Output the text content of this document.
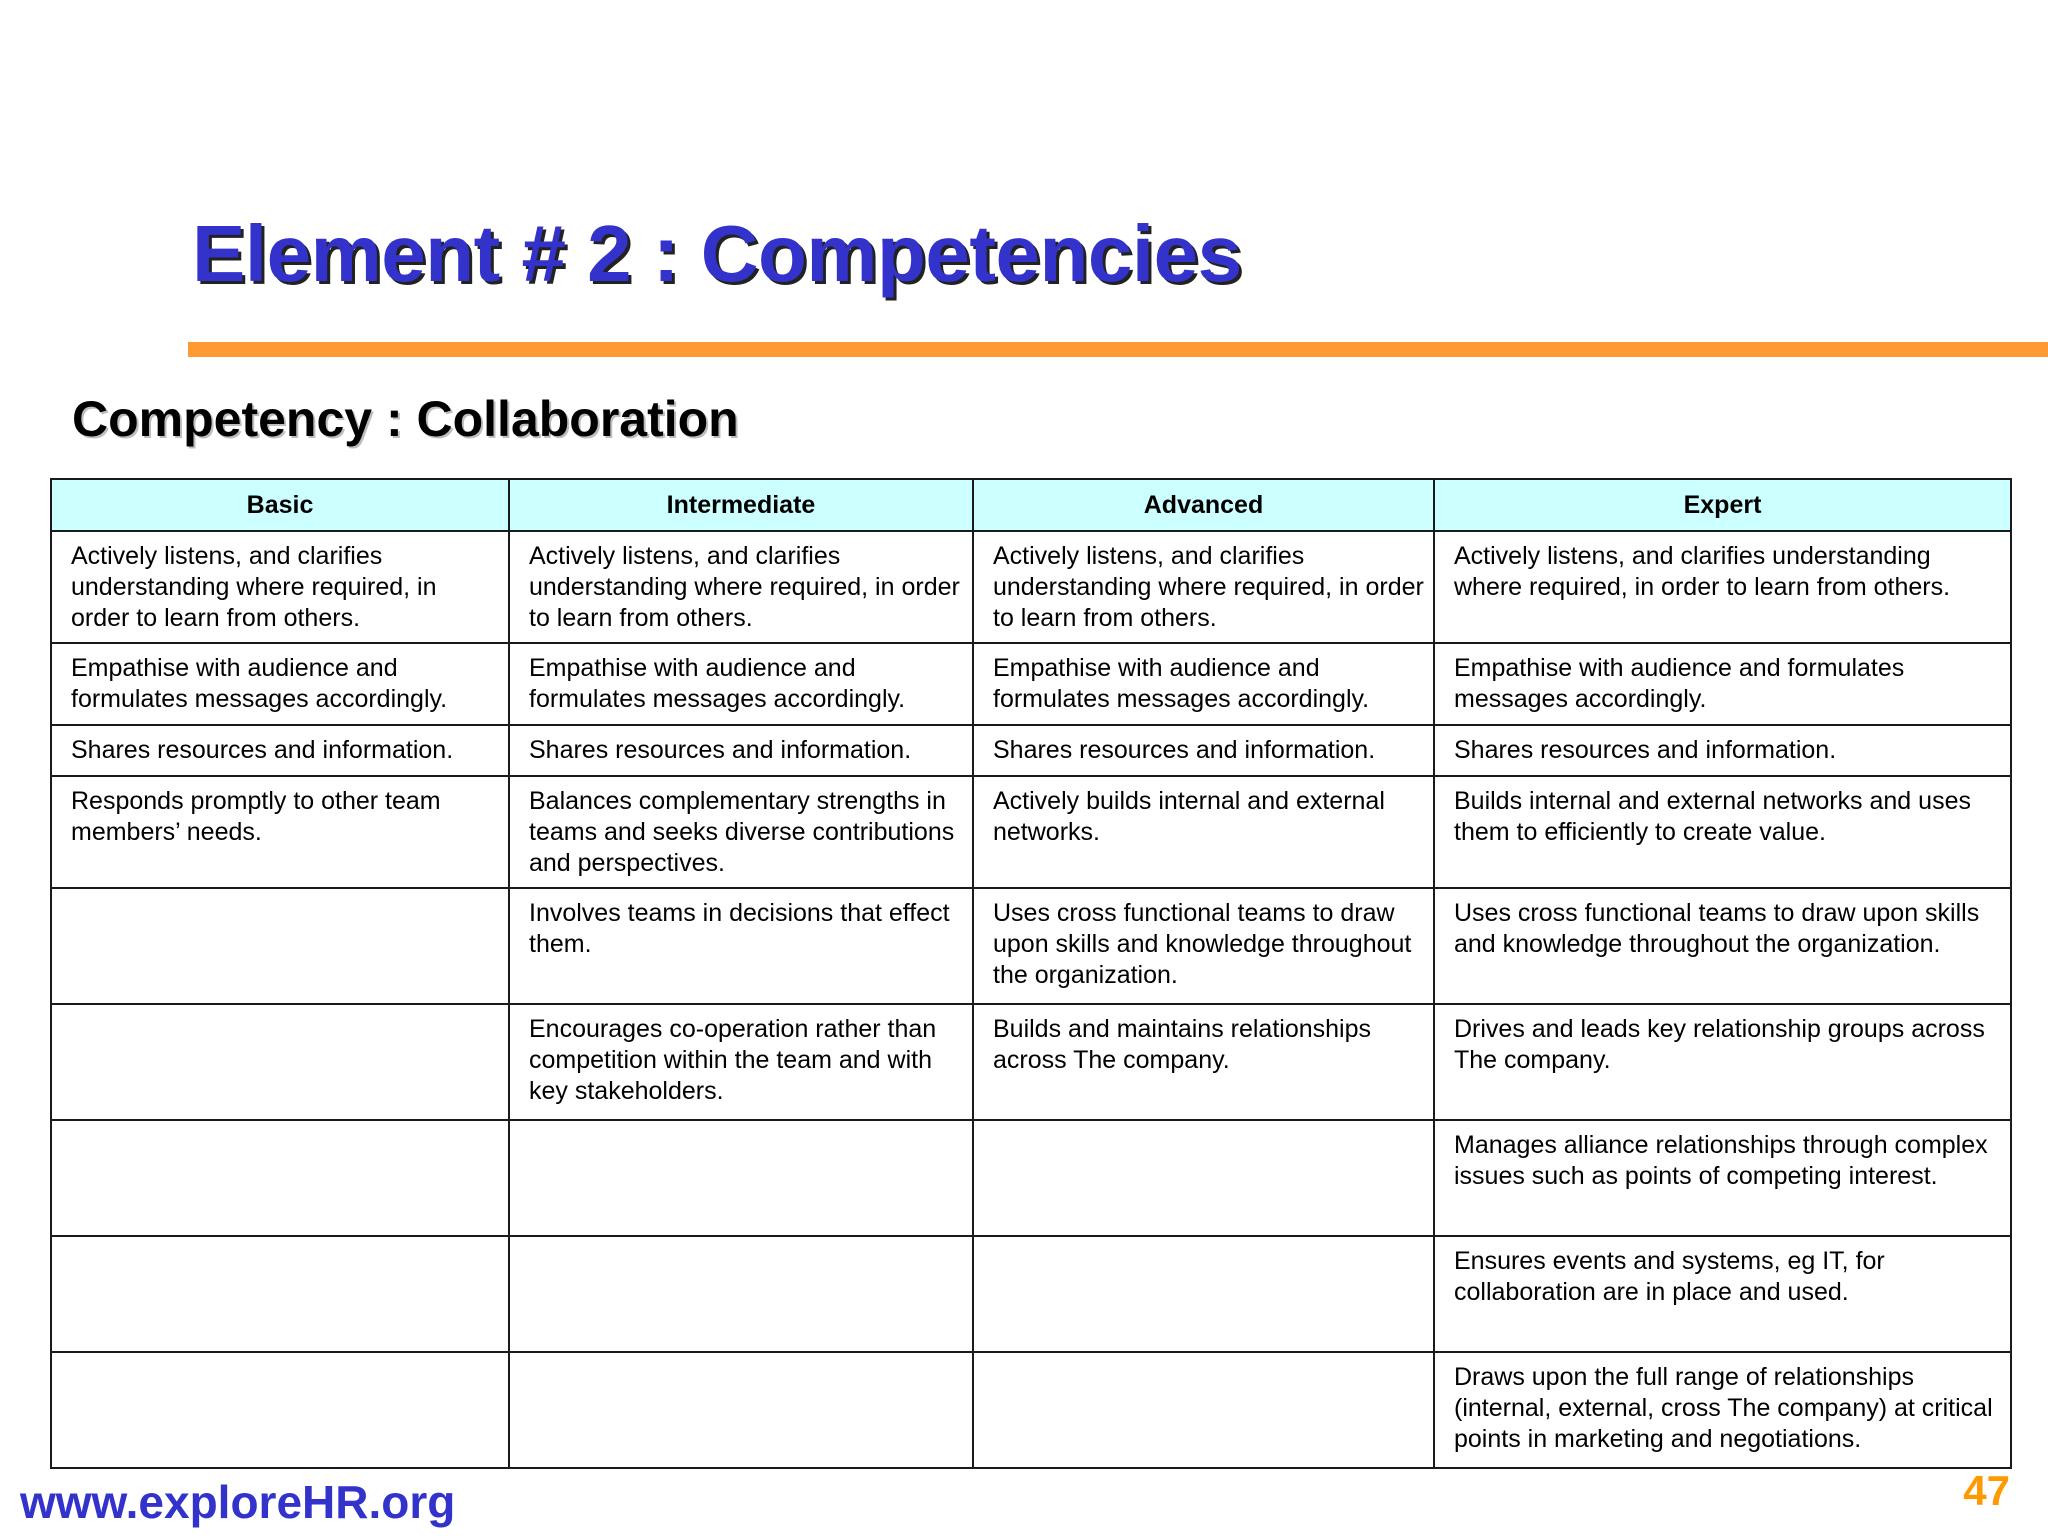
Element # 2 : Competencies
Competency : Collaboration
Basic	Intermediate	Advanced	Expert
Actively listens, and clarifies understanding where required, in order to learn from others.	Actively listens, and clarifies understanding where required, in order to learn from others.	Actively listens, and clarifies understanding where required, in order to learn from others.	Actively listens, and clarifies understanding where required, in order to learn from others.
Empathise with audience and formulates messages accordingly.	Empathise with audience and formulates messages accordingly.	Empathise with audience and formulates messages accordingly.	Empathise with audience and formulates messages accordingly.
Shares resources and information.	Shares resources and information.	Shares resources and information.	Shares resources and information.
Responds promptly to other team members’ needs.	Balances complementary strengths in teams and seeks diverse contributions and perspectives.	Actively builds internal and external networks.	Builds internal and external networks and uses them to efficiently to create value.
	Involves teams in decisions that effect them.	Uses cross functional teams to draw upon skills and knowledge throughout the organization.	Uses cross functional teams to draw upon skills and knowledge throughout the organization.
	Encourages co-operation rather than competition within the team and with key stakeholders.	Builds and maintains relationships across The company.	Drives and leads key relationship groups across The company.
			Manages alliance relationships through complex issues such as points of competing interest.
			Ensures events and systems, eg IT, for collaboration are in place and used.
			Draws upon the full range of relationships (internal, external, cross The company) at critical points in marketing and negotiations.
www.exploreHR.org	47
